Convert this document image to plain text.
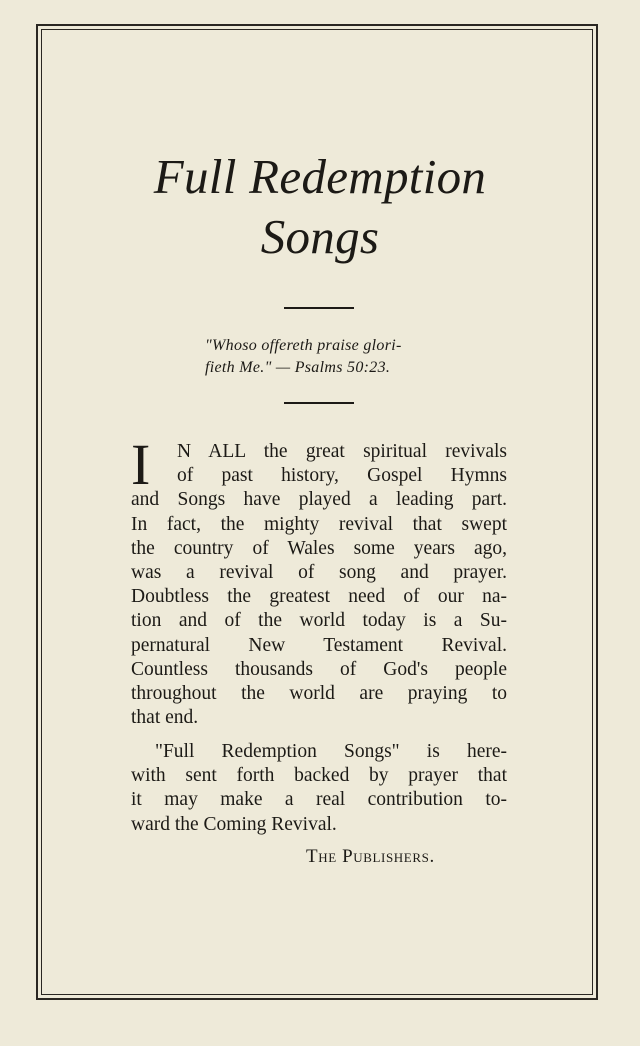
Full Redemption
Songs
"Whoso offereth praise glori-
fieth Me." — Psalms 50:23.
I	N ALL the great spiritual revivals
of past history, Gospel Hymns
and Songs have played a leading part.
In fact, the mighty revival that swept
the country of Wales some years ago,
was a revival of song and prayer.
Doubtless the greatest need of our na-
tion and of the world today is a Su-
pernatural New Testament Revival.
Countless thousands of God's people
throughout the world are praying to
that end.
"Full Redemption Songs" is here-
with sent forth backed by prayer that
it may make a real contribution to-
ward the Coming Revival.
The Publishers.
